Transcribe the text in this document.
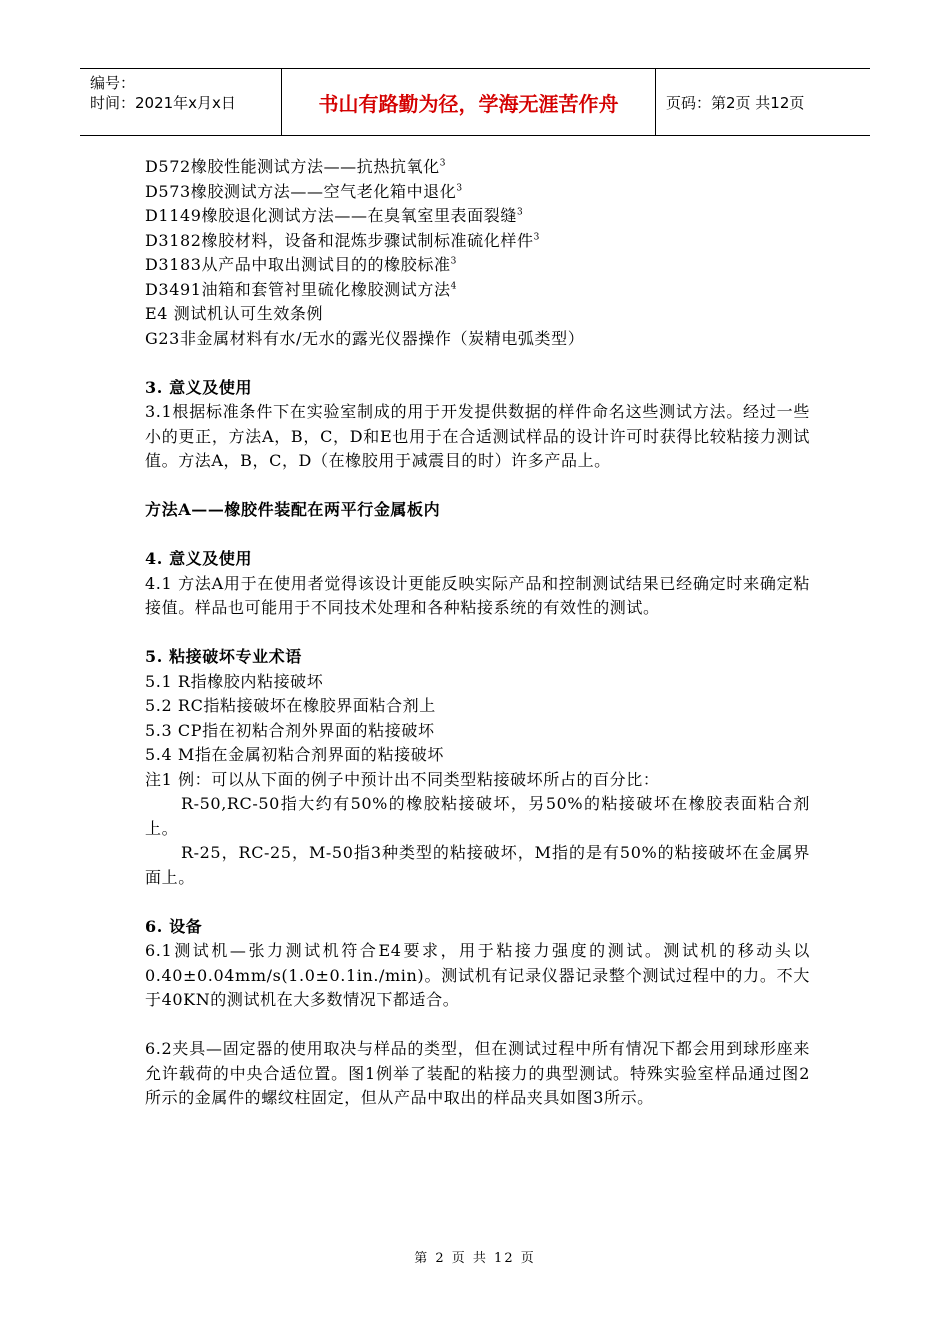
编号：
时间：2021年x月x日	书山有路勤为径，学海无涯苦作舟	页码：第2页 共12页
D572橡胶性能测试方法——抗热抗氧化$^3$
D573橡胶测试方法——空气老化箱中退化$^3$
D1149橡胶退化测试方法——在臭氧室里表面裂缝$^3$
D3182橡胶材料，设备和混炼步骤试制标准硫化样件$^3$
D3183从产品中取出测试目的的橡胶标准$^3$
D3491油箱和套管衬里硫化橡胶测试方法$^4$
E4 测试机认可生效条例
G23非金属材料有水/无水的露光仪器操作（炭精电弧类型）
3. 意义及使用
3.1根据标准条件下在实验室制成的用于开发提供数据的样件命名这些测试方法。经过一些小的更正，方法A，B，C，D和E也用于在合适测试样品的设计许可时获得比较粘接力测试值。方法A，B，C，D（在橡胶用于减震目的时）许多产品上。
方法A——橡胶件装配在两平行金属板内
4. 意义及使用
4.1 方法A用于在使用者觉得该设计更能反映实际产品和控制测试结果已经确定时来确定粘接值。样品也可能用于不同技术处理和各种粘接系统的有效性的测试。
5. 粘接破坏专业术语
5.1 R指橡胶内粘接破坏
5.2 RC指粘接破坏在橡胶界面粘合剂上
5.3 CP指在初粘合剂外界面的粘接破坏
5.4 M指在金属初粘合剂界面的粘接破坏
注1 例：可以从下面的例子中预计出不同类型粘接破坏所占的百分比：
R-50,RC-50指大约有50%的橡胶粘接破坏，另50%的粘接破坏在橡胶表面粘合剂上。
R-25，RC-25，M-50指3种类型的粘接破坏，M指的是有50%的粘接破坏在金属界面上。
6. 设备
6.1测试机—张力测试机符合E4要求，用于粘接力强度的测试。测试机的移动头以0.40±0.04mm/s(1.0±0.1in./min)。测试机有记录仪器记录整个测试过程中的力。不大于40KN的测试机在大多数情况下都适合。
6.2夹具—固定器的使用取决与样品的类型，但在测试过程中所有情况下都会用到球形座来允许载荷的中央合适位置。图1例举了装配的粘接力的典型测试。特殊实验室样品通过图2所示的金属件的螺纹柱固定，但从产品中取出的样品夹具如图3所示。
第 2 页 共 12 页
